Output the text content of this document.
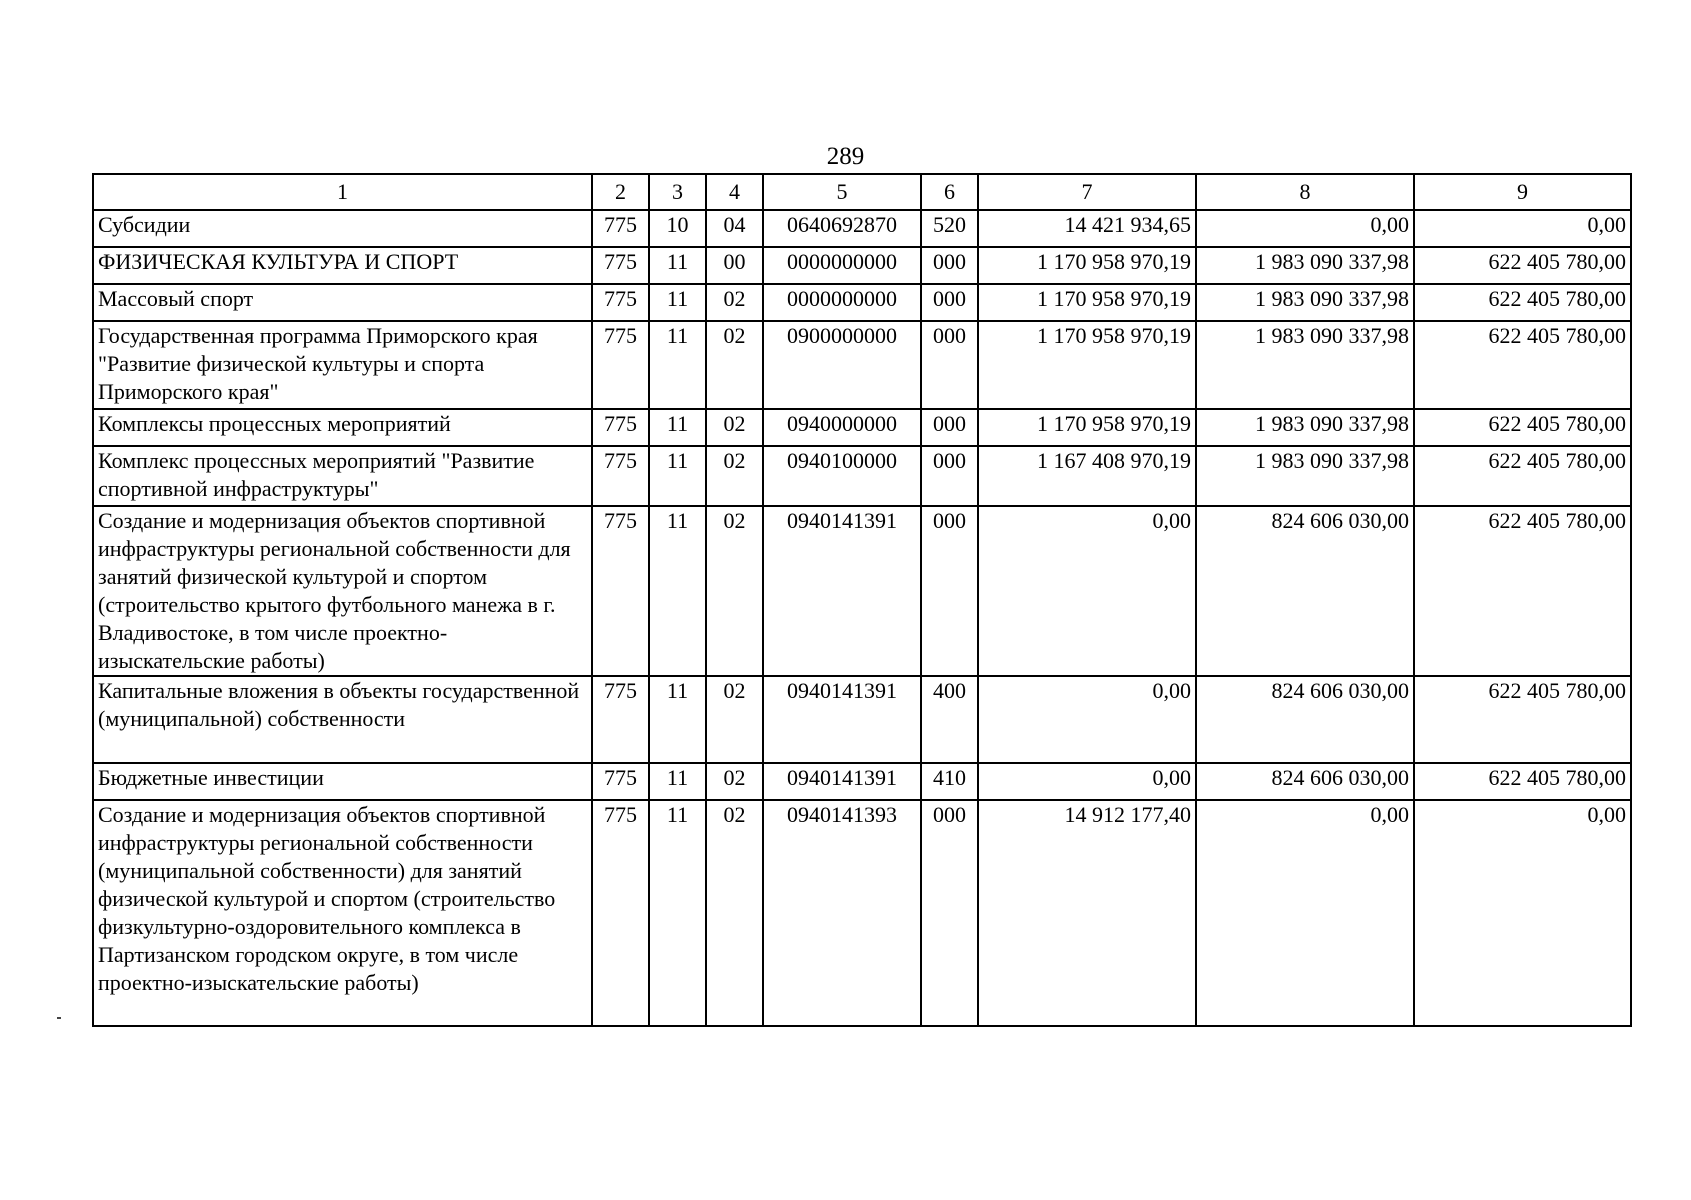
289
1	2	3	4	5	6	7	8	9
Субсидии	775	10	04	0640692870	520	14 421 934,65	0,00	0,00
ФИЗИЧЕСКАЯ КУЛЬТУРА И СПОРТ	775	11	00	0000000000	000	1 170 958 970,19	1 983 090 337,98	622 405 780,00
Массовый спорт	775	11	02	0000000000	000	1 170 958 970,19	1 983 090 337,98	622 405 780,00
Государственная программа Приморского края "Развитие физической культуры и спорта Приморского края"	775	11	02	0900000000	000	1 170 958 970,19	1 983 090 337,98	622 405 780,00
Комплексы процессных мероприятий	775	11	02	0940000000	000	1 170 958 970,19	1 983 090 337,98	622 405 780,00
Комплекс процессных мероприятий "Развитие спортивной инфраструктуры"	775	11	02	0940100000	000	1 167 408 970,19	1 983 090 337,98	622 405 780,00
Создание и модернизация объектов спортивной инфраструктуры региональной собственности для занятий физической культурой и спортом (строительство крытого футбольного манежа в г. Владивостоке, в том числе проектно-изыскательские работы)	775	11	02	0940141391	000	0,00	824 606 030,00	622 405 780,00
Капитальные вложения в объекты государственной (муниципальной) собственности	775	11	02	0940141391	400	0,00	824 606 030,00	622 405 780,00
Бюджетные инвестиции	775	11	02	0940141391	410	0,00	824 606 030,00	622 405 780,00
Создание и модернизация объектов спортивной инфраструктуры региональной собственности (муниципальной собственности) для занятий физической культурой и спортом (строительство физкультурно-оздоровительного комплекса в Партизанском городском округе, в том числе проектно-изыскательские работы)	775	11	02	0940141393	000	14 912 177,40	0,00	0,00
